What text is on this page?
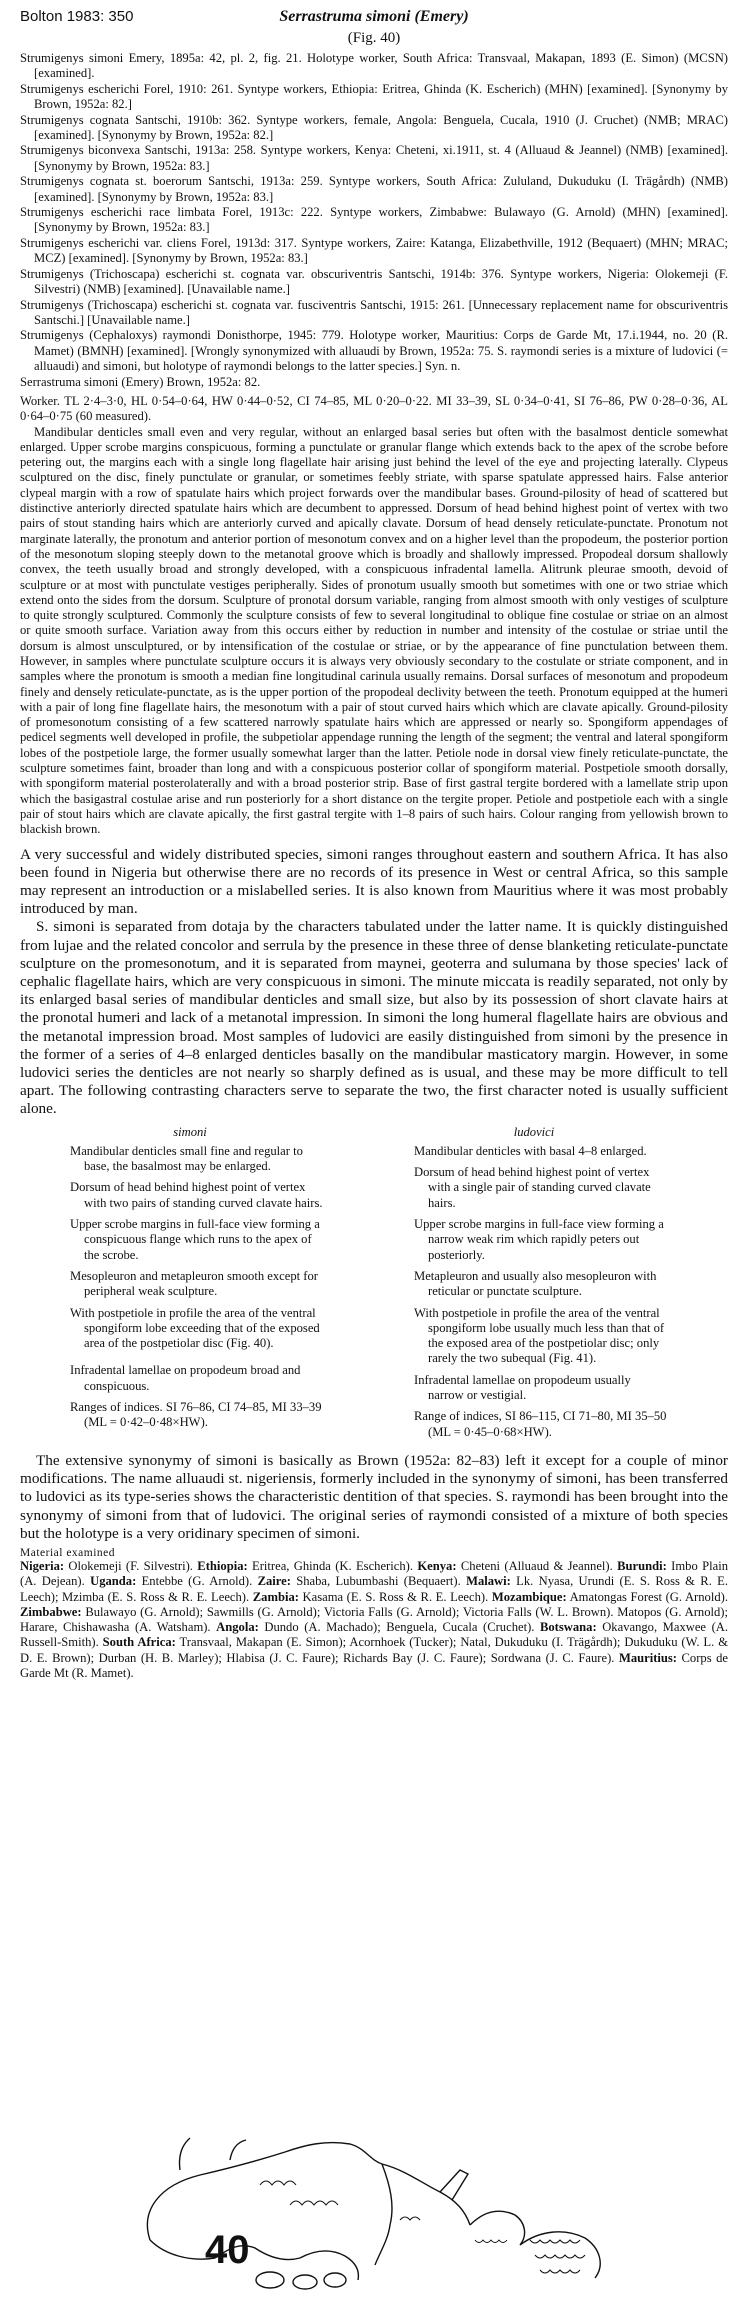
Bolton 1983: 350	Serrastruma simoni (Emery)
(Fig. 40)

Strumigenys simoni Emery, 1895a: 42, pl. 2, fig. 21. Holotype worker, South Africa: Transvaal, Makapan, 1893 (E. Simon) (MCSN) [examined].

Strumigenys escherichi Forel, 1910: 261. Syntype workers, Ethiopia: Eritrea, Ghinda (K. Escherich) (MHN) [examined]. [Synonymy by Brown, 1952a: 82.]

Strumigenys cognata Santschi, 1910b: 362. Syntype workers, female, Angola: Benguela, Cucala, 1910 (J. Cruchet) (NMB; MRAC) [examined]. [Synonymy by Brown, 1952a: 82.]

Strumigenys biconvexa Santschi, 1913a: 258. Syntype workers, Kenya: Cheteni, xi.1911, st. 4 (Alluaud & Jeannel) (NMB) [examined]. [Synonymy by Brown, 1952a: 83.]

Strumigenys cognata st. boerorum Santschi, 1913a: 259. Syntype workers, South Africa: Zululand, Dukuduku (I. Trägårdh) (NMB) [examined]. [Synonymy by Brown, 1952a: 83.]

Strumigenys escherichi race limbata Forel, 1913c: 222. Syntype workers, Zimbabwe: Bulawayo (G. Arnold) (MHN) [examined]. [Synonymy by Brown, 1952a: 83.]

Strumigenys escherichi var. cliens Forel, 1913d: 317. Syntype workers, Zaire: Katanga, Elizabethville, 1912 (Bequaert) (MHN; MRAC; MCZ) [examined]. [Synonymy by Brown, 1952a: 83.]

Strumigenys (Trichoscapa) escherichi st. cognata var. obscuriventris Santschi, 1914b: 376. Syntype workers, Nigeria: Olokemeji (F. Silvestri) (NMB) [examined]. [Unavailable name.]

Strumigenys (Trichoscapa) escherichi st. cognata var. fusciventris Santschi, 1915: 261. [Unnecessary replacement name for obscuriventris Santschi.] [Unavailable name.]

Strumigenys (Cephaloxys) raymondi Donisthorpe, 1945: 779. Holotype worker, Mauritius: Corps de Garde Mt, 17.i.1944, no. 20 (R. Mamet) (BMNH) [examined]. [Wrongly synonymized with alluaudi by Brown, 1952a: 75. S. raymondi series is a mixture of ludovici (= alluaudi) and simoni, but holotype of raymondi belongs to the latter species.] Syn. n.

Serrastruma simoni (Emery) Brown, 1952a: 82.

Worker. TL 2·4–3·0, HL 0·54–0·64, HW 0·44–0·52, CI 74–85, ML 0·20–0·22. MI 33–39, SL 0·34–0·41, SI 76–86, PW 0·28–0·36, AL 0·64–0·75 (60 measured).

Mandibular denticles small even and very regular, without an enlarged basal series but often with the basalmost denticle somewhat enlarged. Upper scrobe margins conspicuous, forming a punctulate or granular flange which extends back to the apex of the scrobe before petering out, the margins each with a single long flagellate hair arising just behind the level of the eye and projecting laterally. Clypeus sculptured on the disc, finely punctulate or granular, or sometimes feebly striate, with sparse spatulate appressed hairs. False anterior clypeal margin with a row of spatulate hairs which project forwards over the mandibular bases. Ground-pilosity of head of scattered but distinctive anteriorly directed spatulate hairs which are decumbent to appressed. Dorsum of head behind highest point of vertex with two pairs of stout standing hairs which are anteriorly curved and apically clavate. Dorsum of head densely reticulate-punctate. Pronotum not marginate laterally, the pronotum and anterior portion of mesonotum convex and on a higher level than the propodeum, the posterior portion of the mesonotum sloping steeply down to the metanotal groove which is broadly and shallowly impressed. Propodeal dorsum shallowly convex, the teeth usually broad and strongly developed, with a conspicuous infradental lamella. Alitrunk pleurae smooth, devoid of sculpture or at most with punctulate vestiges peripherally. Sides of pronotum usually smooth but sometimes with one or two striae which extend onto the sides from the dorsum. Sculpture of pronotal dorsum variable, ranging from almost smooth with only vestiges of sculpture to quite strongly sculptured. Commonly the sculpture consists of few to several longitudinal to oblique fine costulae or striae on an almost or quite smooth surface. Variation away from this occurs either by reduction in number and intensity of the costulae or striae until the dorsum is almost unsculptured, or by intensification of the costulae or striae, or by the appearance of fine punctulation between them. However, in samples where punctulate sculpture occurs it is always very obviously secondary to the costulate or striate component, and in samples where the pronotum is smooth a median fine longitudinal carinula usually remains. Dorsal surfaces of mesonotum and propodeum finely and densely reticulate-punctate, as is the upper portion of the propodeal declivity between the teeth. Pronotum equipped at the humeri with a pair of long fine flagellate hairs, the mesonotum with a pair of stout curved hairs which which are clavate apically. Ground-pilosity of promesonotum consisting of a few scattered narrowly spatulate hairs which are appressed or nearly so. Spongiform appendages of pedicel segments well developed in profile, the subpetiolar appendage running the length of the segment; the ventral and lateral spongiform lobes of the postpetiole large, the former usually somewhat larger than the latter. Petiole node in dorsal view finely reticulate-punctate, the sculpture sometimes faint, broader than long and with a conspicuous posterior collar of spongiform material. Postpetiole smooth dorsally, with spongiform material posterolaterally and with a broad posterior strip. Base of first gastral tergite bordered with a lamellate strip upon which the basigastral costulae arise and run posteriorly for a short distance on the tergite proper. Petiole and postpetiole each with a single pair of stout hairs which are clavate apically, the first gastral tergite with 1–8 pairs of such hairs. Colour ranging from yellowish brown to blackish brown.

A very successful and widely distributed species, simoni ranges throughout eastern and southern Africa. It has also been found in Nigeria but otherwise there are no records of its presence in West or central Africa, so this sample may represent an introduction or a mislabelled series. It is also known from Mauritius where it was most probably introduced by man.

S. simoni is separated from dotaja by the characters tabulated under the latter name. It is quickly distinguished from lujae and the related concolor and serrula by the presence in these three of dense blanketing reticulate-punctate sculpture on the promesonotum, and it is separated from maynei, geoterra and sulumana by those species' lack of cephalic flagellate hairs, which are very conspicuous in simoni. The minute miccata is readily separated, not only by its enlarged basal series of mandibular denticles and small size, but also by its possession of short clavate hairs at the pronotal humeri and lack of a metanotal impression. In simoni the long humeral flagellate hairs are obvious and the metanotal impression broad. Most samples of ludovici are easily distinguished from simoni by the presence in the former of a series of 4–8 enlarged denticles basally on the mandibular masticatory margin. However, in some ludovici series the denticles are not nearly so sharply defined as is usual, and these may be more difficult to tell apart. The following contrasting characters serve to separate the two, the first character noted is usually sufficient alone.

simoni
Mandibular denticles small fine and regular to base, the basalmost may be enlarged.
Dorsum of head behind highest point of vertex with two pairs of standing curved clavate hairs.
Upper scrobe margins in full-face view forming a conspicuous flange which runs to the apex of the scrobe.
Mesopleuron and metapleuron smooth except for peripheral weak sculpture.
With postpetiole in profile the area of the ventral spongiform lobe exceeding that of the exposed area of the postpetiolar disc (Fig. 40).
Infradental lamellae on propodeum broad and conspicuous.
Ranges of indices. SI 76–86, CI 74–85, MI 33–39 (ML = 0·42–0·48×HW).
ludovici
Mandibular denticles with basal 4–8 enlarged.
Dorsum of head behind highest point of vertex with a single pair of standing curved clavate hairs.
Upper scrobe margins in full-face view forming a narrow weak rim which rapidly peters out posteriorly.
Metapleuron and usually also mesopleuron with reticular or punctate sculpture.
With postpetiole in profile the area of the ventral spongiform lobe usually much less than that of the exposed area of the postpetiolar disc; only rarely the two subequal (Fig. 41).
Infradental lamellae on propodeum usually narrow or vestigial.
Range of indices, SI 86–115, CI 71–80, MI 35–50 (ML = 0·45–0·68×HW).

The extensive synonymy of simoni is basically as Brown (1952a: 82–83) left it except for a couple of minor modifications. The name alluaudi st. nigeriensis, formerly included in the synonymy of simoni, has been transferred to ludovici as its type-series shows the characteristic dentition of that species. S. raymondi has been brought into the synonymy of simoni from that of ludovici. The original series of raymondi consisted of a mixture of both species but the holotype is a very oridinary specimen of simoni.

Material examined
Nigeria: Olokemeji (F. Silvestri). Ethiopia: Eritrea, Ghinda (K. Escherich). Kenya: Cheteni (Alluaud & Jeannel). Burundi: Imbo Plain (A. Dejean). Uganda: Entebbe (G. Arnold). Zaire: Shaba, Lubumbashi (Bequaert). Malawi: Lk. Nyasa, Urundi (E. S. Ross & R. E. Leech); Mzimba (E. S. Ross & R. E. Leech). Zambia: Kasama (E. S. Ross & R. E. Leech). Mozambique: Amatongas Forest (G. Arnold). Zimbabwe: Bulawayo (G. Arnold); Sawmills (G. Arnold); Victoria Falls (G. Arnold); Victoria Falls (W. L. Brown). Matopos (G. Arnold); Harare, Chishawasha (A. Watsham). Angola: Dundo (A. Machado); Benguela, Cucala (Cruchet). Botswana: Okavango, Maxwee (A. Russell-Smith). South Africa: Transvaal, Makapan (E. Simon); Acornhoek (Tucker); Natal, Dukuduku (I. Trägårdh); Dukuduku (W. L. & D. E. Brown); Durban (H. B. Marley); Hlabisa (J. C. Faure); Richards Bay (J. C. Faure); Sordwana (J. C. Faure). Mauritius: Corps de Garde Mt (R. Mamet).
40
